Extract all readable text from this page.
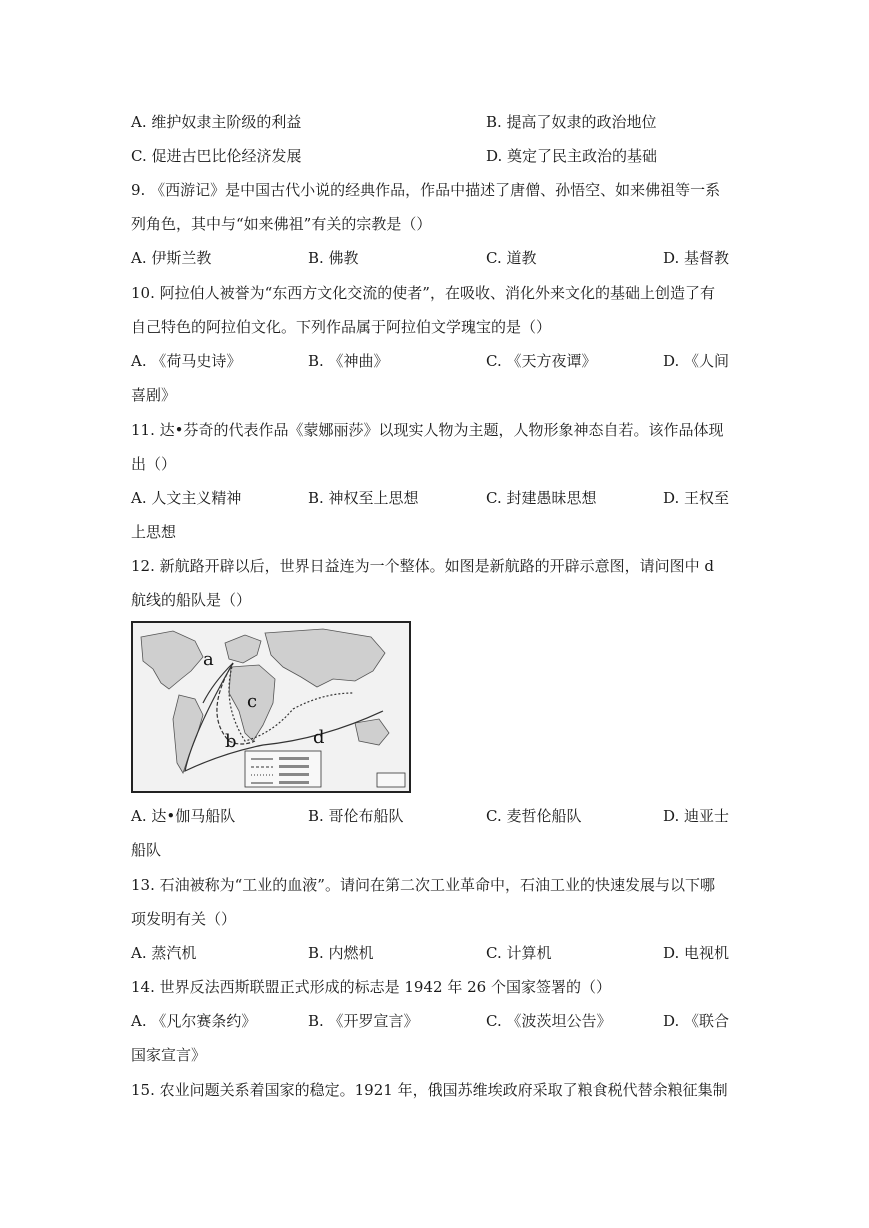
A. 维护奴隶主阶级的利益	B. 提高了奴隶的政治地位
C. 促进古巴比伦经济发展	D. 奠定了民主政治的基础
9. 《西游记》是中国古代小说的经典作品，作品中描述了唐僧、孙悟空、如来佛祖等一系
列角色，其中与“如来佛祖”有关的宗教是（）
A. 伊斯兰教	B. 佛教	C. 道教	D. 基督教
10. 阿拉伯人被誉为“东西方文化交流的使者”，在吸收、消化外来文化的基础上创造了有
自己特色的阿拉伯文化。下列作品属于阿拉伯文学瑰宝的是（）
A. 《荷马史诗》	B. 《神曲》	C. 《天方夜谭》	D. 《人间
喜剧》
11. 达•芬奇的代表作品《蒙娜丽莎》以现实人物为主题，人物形象神态自若。该作品体现
出（）
A. 人文主义精神	B. 神权至上思想	C. 封建愚昧思想	D. 王权至
上思想
12. 新航路开辟以后，世界日益连为一个整体。如图是新航路的开辟示意图，请问图中 d
航线的船队是（）
a
b
c
d
A. 达•伽马船队	B. 哥伦布船队	C. 麦哲伦船队	D. 迪亚士
船队
13. 石油被称为“工业的血液”。请问在第二次工业革命中，石油工业的快速发展与以下哪
项发明有关（）
A. 蒸汽机	B. 内燃机	C. 计算机	D. 电视机
14. 世界反法西斯联盟正式形成的标志是 1942 年 26 个国家签署的（）
A. 《凡尔赛条约》	B. 《开罗宣言》	C. 《波茨坦公告》	D. 《联合
国家宣言》
15. 农业问题关系着国家的稳定。1921 年，俄国苏维埃政府采取了粮食税代替余粮征集制
